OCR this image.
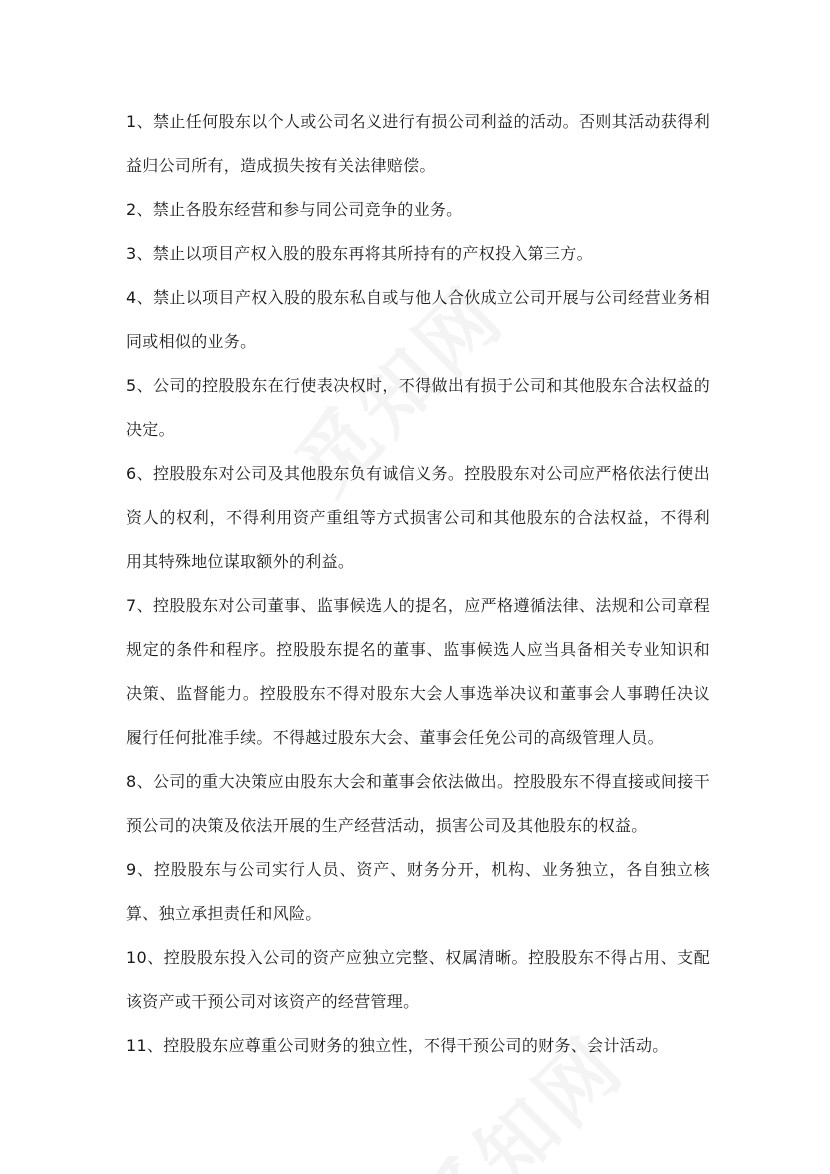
1、禁止任何股东以个人或公司名义进行有损公司利益的活动。否则其活动获得利益归公司所有，造成损失按有关法律赔偿。

2、禁止各股东经营和参与同公司竞争的业务。

3、禁止以项目产权入股的股东再将其所持有的产权投入第三方。

4、禁止以项目产权入股的股东私自或与他人合伙成立公司开展与公司经营业务相同或相似的业务。

5、公司的控股股东在行使表决权时，不得做出有损于公司和其他股东合法权益的决定。

6、控股股东对公司及其他股东负有诚信义务。控股股东对公司应严格依法行使出资人的权利，不得利用资产重组等方式损害公司和其他股东的合法权益，不得利用其特殊地位谋取额外的利益。

7、控股股东对公司董事、监事候选人的提名，应严格遵循法律、法规和公司章程规定的条件和程序。控股股东提名的董事、监事候选人应当具备相关专业知识和决策、监督能力。控股股东不得对股东大会人事选举决议和董事会人事聘任决议履行任何批准手续。不得越过股东大会、董事会任免公司的高级管理人员。

8、公司的重大决策应由股东大会和董事会依法做出。控股股东不得直接或间接干预公司的决策及依法开展的生产经营活动，损害公司及其他股东的权益。

9、控股股东与公司实行人员、资产、财务分开，机构、业务独立，各自独立核算、独立承担责任和风险。

10、控股股东投入公司的资产应独立完整、权属清晰。控股股东不得占用、支配该资产或干预公司对该资产的经营管理。

11、控股股东应尊重公司财务的独立性，不得干预公司的财务、会计活动。
